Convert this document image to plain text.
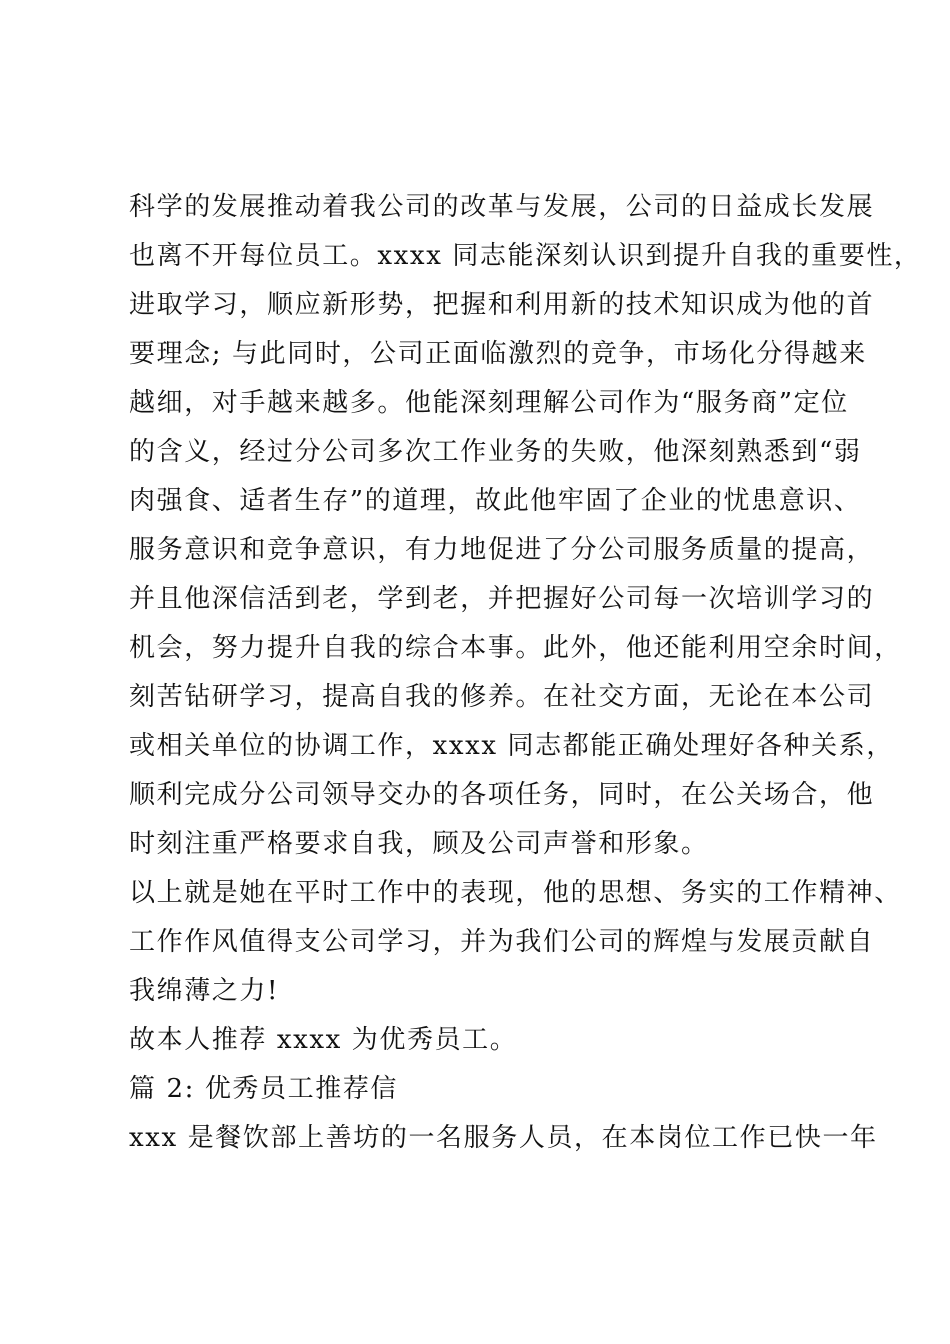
科学的发展推动着我公司的改革与发展，公司的日益成长发展
也离不开每位员工。xxxx 同志能深刻认识到提升自我的重要性，
进取学习，顺应新形势，把握和利用新的技术知识成为他的首
要理念; 与此同时，公司正面临激烈的竞争，市场化分得越来
越细，对手越来越多。他能深刻理解公司作为“服务商”定位
的含义，经过分公司多次工作业务的失败，他深刻熟悉到“弱
肉强食、适者生存”的道理，故此他牢固了企业的忧患意识、
服务意识和竞争意识，有力地促进了分公司服务质量的提高，
并且他深信活到老，学到老，并把握好公司每一次培训学习的
机会，努力提升自我的综合本事。此外，他还能利用空余时间，
刻苦钻研学习，提高自我的修养。在社交方面，无论在本公司
或相关单位的协调工作，xxxx 同志都能正确处理好各种关系，
顺利完成分公司领导交办的各项任务，同时，在公关场合，他
时刻注重严格要求自我，顾及公司声誉和形象。
以上就是她在平时工作中的表现，他的思想、务实的工作精神、
工作作风值得支公司学习，并为我们公司的辉煌与发展贡献自
我绵薄之力!
故本人推荐 xxxx 为优秀员工。
篇 2: 优秀员工推荐信
xxx 是餐饮部上善坊的一名服务人员，在本岗位工作已快一年
